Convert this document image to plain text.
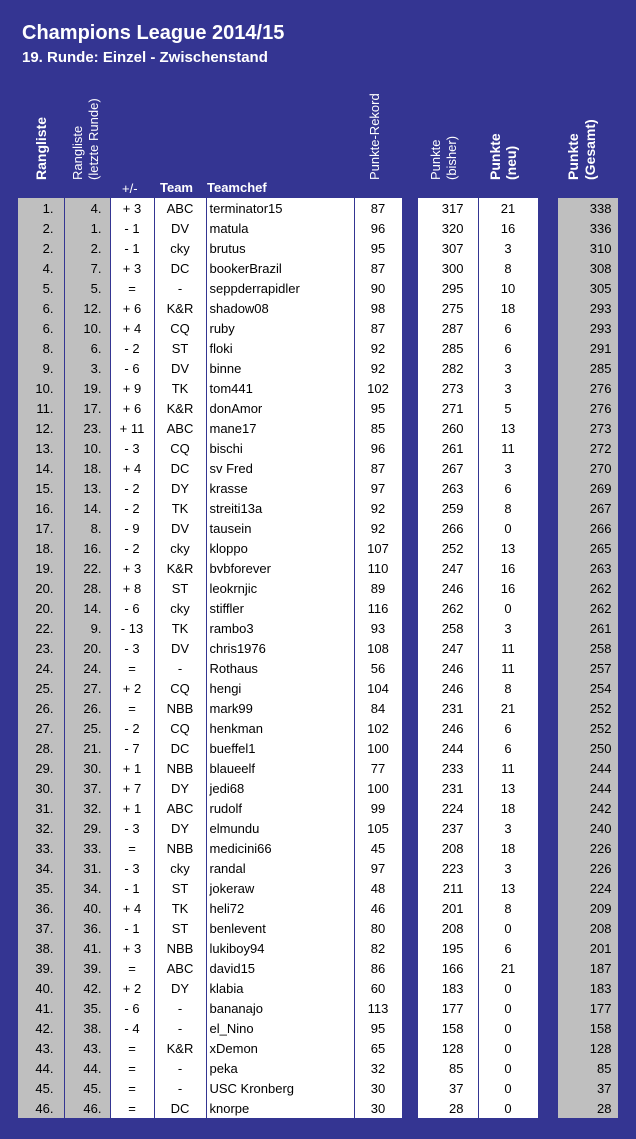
Champions League 2014/15
19. Runde: Einzel - Zwischenstand
Rangliste Rangliste (letzte Runde)	Punkte-Rekord	Punkte (bisher) Punkte (neu)	Punkte (Gesamt)
+/- Team Teamchef
1.	4.	+ 3	ABC	terminator15	87		317	21		338
2.	1.	- 1	DV	matula	96		320	16		336
2.	2.	- 1	cky	brutus	95		307	3		310
4.	7.	+ 3	DC	bookerBrazil	87		300	8		308
5.	5.	=	-	seppderrapidler	90		295	10		305
6.	12.	+ 6	K&R	shadow08	98		275	18		293
6.	10.	+ 4	CQ	ruby	87		287	6		293
8.	6.	- 2	ST	floki	92		285	6		291
9.	3.	- 6	DV	binne	92		282	3		285
10.	19.	+ 9	TK	tom441	102		273	3		276
11.	17.	+ 6	K&R	donAmor	95		271	5		276
12.	23.	+ 11	ABC	mane17	85		260	13		273
13.	10.	- 3	CQ	bischi	96		261	11		272
14.	18.	+ 4	DC	sv Fred	87		267	3		270
15.	13.	- 2	DY	krasse	97		263	6		269
16.	14.	- 2	TK	streiti13a	92		259	8		267
17.	8.	- 9	DV	tausein	92		266	0		266
18.	16.	- 2	cky	kloppo	107		252	13		265
19.	22.	+ 3	K&R	bvbforever	110		247	16		263
20.	28.	+ 8	ST	leokrnjic	89		246	16		262
20.	14.	- 6	cky	stiffler	116		262	0		262
22.	9.	- 13	TK	rambo3	93		258	3		261
23.	20.	- 3	DV	chris1976	108		247	11		258
24.	24.	=	-	Rothaus	56		246	11		257
25.	27.	+ 2	CQ	hengi	104		246	8		254
26.	26.	=	NBB	mark99	84		231	21		252
27.	25.	- 2	CQ	henkman	102		246	6		252
28.	21.	- 7	DC	bueffel1	100		244	6		250
29.	30.	+ 1	NBB	blaueelf	77		233	11		244
30.	37.	+ 7	DY	jedi68	100		231	13		244
31.	32.	+ 1	ABC	rudolf	99		224	18		242
32.	29.	- 3	DY	elmundu	105		237	3		240
33.	33.	=	NBB	medicini66	45		208	18		226
34.	31.	- 3	cky	randal	97		223	3		226
35.	34.	- 1	ST	jokeraw	48		211	13		224
36.	40.	+ 4	TK	heli72	46		201	8		209
37.	36.	- 1	ST	benlevent	80		208	0		208
38.	41.	+ 3	NBB	lukiboy94	82		195	6		201
39.	39.	=	ABC	david15	86		166	21		187
40.	42.	+ 2	DY	klabia	60		183	0		183
41.	35.	- 6	-	bananajo	113		177	0		177
42.	38.	- 4	-	el_Nino	95		158	0		158
43.	43.	=	K&R	xDemon	65		128	0		128
44.	44.	=	-	peka	32		85	0		85
45.	45.	=	-	USC Kronberg	30		37	0		37
46.	46.	=	DC	knorpe	30		28	0		28
